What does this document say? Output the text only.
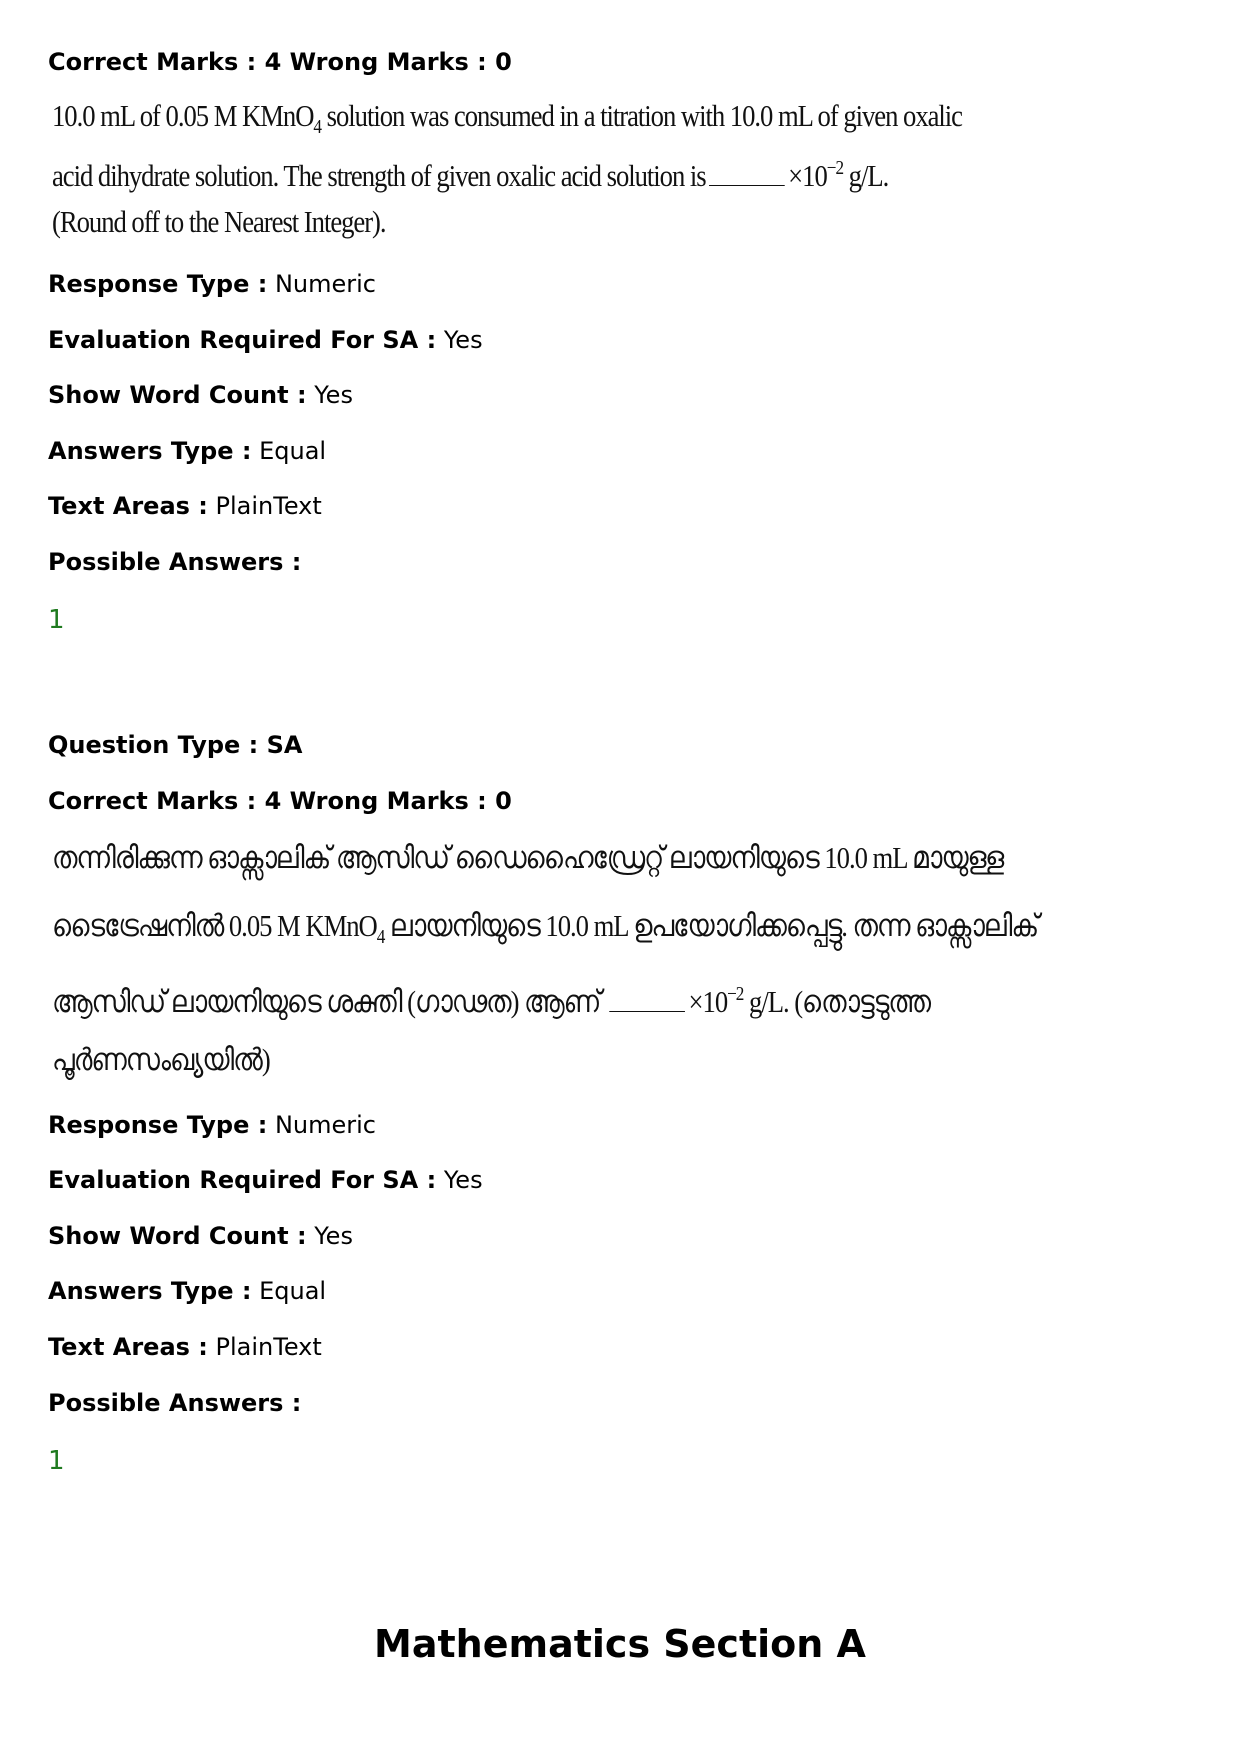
Correct Marks : 4 Wrong Marks : 0
10.0 mL of 0.05 M KMnO$_4$ solution was consumed in a titration with 10.0 mL of given oxalic
acid dihydrate solution. The strength of given oxalic acid solution is	$\times 10^{-2}$ g/L.
(Round off to the Nearest Integer).
Response Type : Numeric
Evaluation Required For SA : Yes
Show Word Count : Yes
Answers Type : Equal
Text Areas : PlainText
Possible Answers :
1
Question Type : SA
Correct Marks : 4 Wrong Marks : 0
തന്നിരിക്കുന്ന ഓക്സാലിക് ആസിഡ് ഡൈഹൈഡ്രേറ്റ് ലായനിയുടെ 10.0 mL മായുള്ള
ടൈട്രേഷനിൽ 0.05 M KMnO$_4$ ലായനിയുടെ 10.0 mL ഉപയോഗിക്കപ്പെട്ടു. തന്ന ഓക്സാലിക്
ആസിഡ് ലായനിയുടെ ശക്തി (ഗാഢത) ആണ്	$\times 10^{-2}$ g/L. (തൊട്ടടുത്ത
പൂർണസംഖ്യയിൽ)
Response Type : Numeric
Evaluation Required For SA : Yes
Show Word Count : Yes
Answers Type : Equal
Text Areas : PlainText
Possible Answers :
1
Mathematics Section A
